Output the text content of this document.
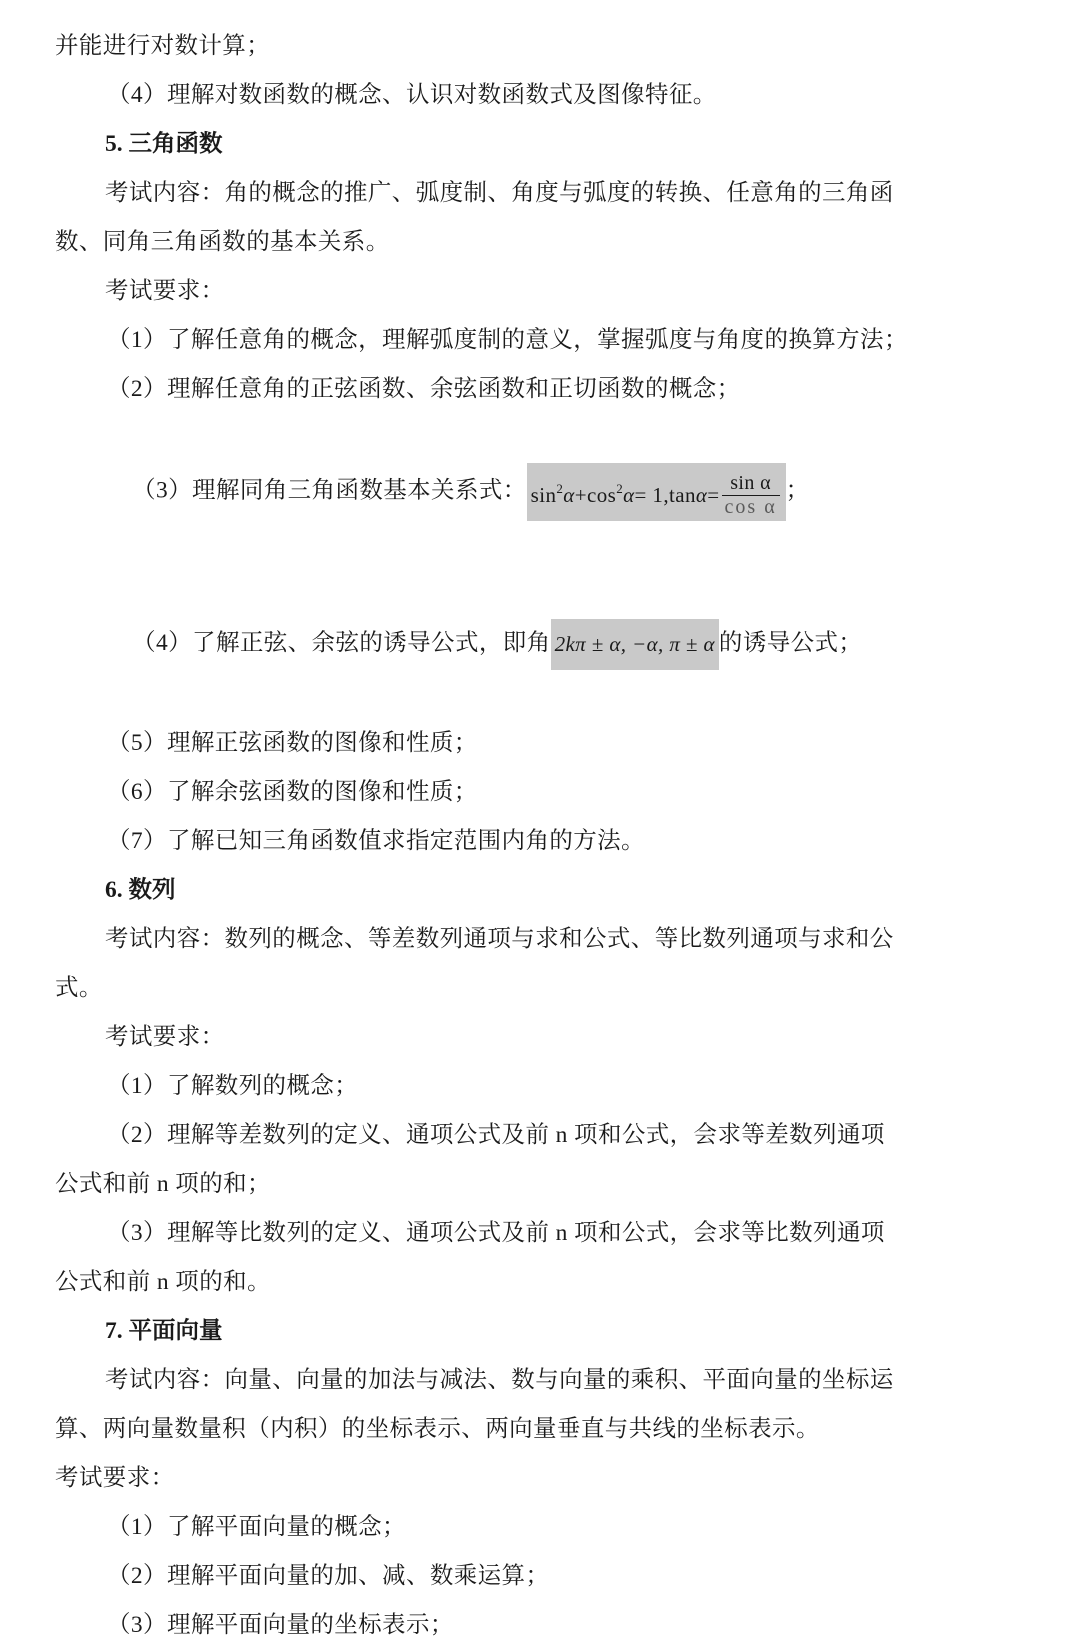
并能进行对数计算；
（4）理解对数函数的概念、认识对数函数式及图像特征。
5. 三角函数
考试内容：角的概念的推广、弧度制、角度与弧度的转换、任意角的三角函
数、同角三角函数的基本关系。
考试要求：
（1）了解任意角的概念，理解弧度制的意义，掌握弧度与角度的换算方法；
（2）理解任意角的正弦函数、余弦函数和正切函数的概念；

（3）理解同角三角函数基本关系式： $\sin^2\alpha+\cos^2\alpha= 1,\tan\alpha= \frac{\text{sin α}}{\text{cos α}}$ ；

（4）了解正弦、余弦的诱导公式，即角 2kπ ± α, −α, π ± α 的诱导公式；

（5）理解正弦函数的图像和性质；
（6）了解余弦函数的图像和性质；
（7）了解已知三角函数值求指定范围内角的方法。
6. 数列
考试内容：数列的概念、等差数列通项与求和公式、等比数列通项与求和公
式。
考试要求：
（1）了解数列的概念；
（2）理解等差数列的定义、通项公式及前 n 项和公式，会求等差数列通项
公式和前 n 项的和；
（3）理解等比数列的定义、通项公式及前 n 项和公式，会求等比数列通项
公式和前 n 项的和。
7. 平面向量
考试内容：向量、向量的加法与减法、数与向量的乘积、平面向量的坐标运
算、两向量数量积（内积）的坐标表示、两向量垂直与共线的坐标表示。
考试要求：
（1）了解平面向量的概念；
（2）理解平面向量的加、减、数乘运算；
（3）理解平面向量的坐标表示；
